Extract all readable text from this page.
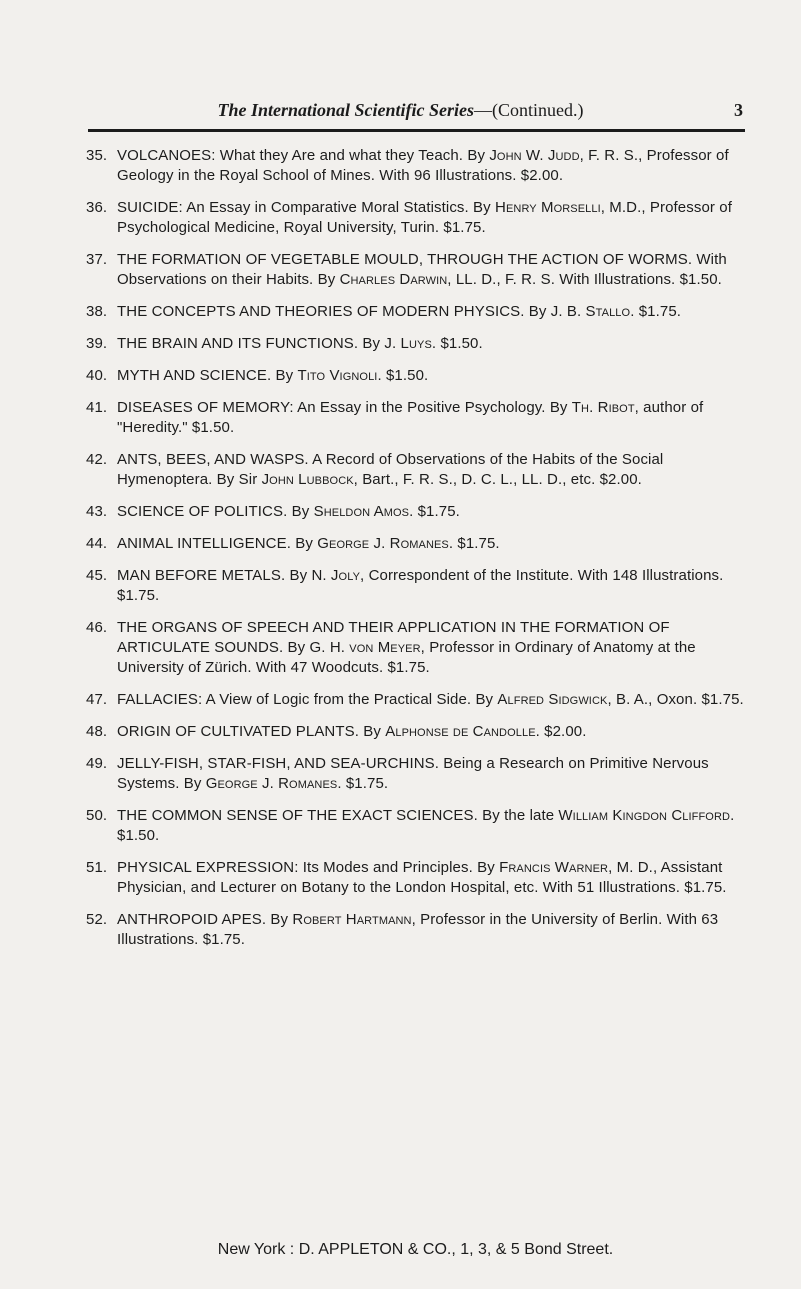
The International Scientific Series—(Continued.)	3
35. VOLCANOES: What they Are and what they Teach. By John W. Judd, F. R. S., Professor of Geology in the Royal School of Mines. With 96 Illustrations. $2.00.
36. SUICIDE: An Essay in Comparative Moral Statistics. By Henry Morselli, M.D., Professor of Psychological Medicine, Royal University, Turin. $1.75.
37. THE FORMATION OF VEGETABLE MOULD, THROUGH THE ACTION OF WORMS. With Observations on their Habits. By Charles Darwin, LL. D., F. R. S. With Illustrations. $1.50.
38. THE CONCEPTS AND THEORIES OF MODERN PHYSICS. By J. B. Stallo. $1.75.
39. THE BRAIN AND ITS FUNCTIONS. By J. Luys. $1.50.
40. MYTH AND SCIENCE. By Tito Vignoli. $1.50.
41. DISEASES OF MEMORY: An Essay in the Positive Psychology. By Th. Ribot, author of "Heredity." $1.50.
42. ANTS, BEES, AND WASPS. A Record of Observations of the Habits of the Social Hymenoptera. By Sir John Lubbock, Bart., F. R. S., D. C. L., LL. D., etc. $2.00.
43. SCIENCE OF POLITICS. By Sheldon Amos. $1.75.
44. ANIMAL INTELLIGENCE. By George J. Romanes. $1.75.
45. MAN BEFORE METALS. By N. Joly, Correspondent of the Institute. With 148 Illustrations. $1.75.
46. THE ORGANS OF SPEECH AND THEIR APPLICATION IN THE FORMATION OF ARTICULATE SOUNDS. By G. H. von Meyer, Professor in Ordinary of Anatomy at the University of Zürich. With 47 Woodcuts. $1.75.
47. FALLACIES: A View of Logic from the Practical Side. By Alfred Sidgwick, B. A., Oxon. $1.75.
48. ORIGIN OF CULTIVATED PLANTS. By Alphonse de Candolle. $2.00.
49. JELLY-FISH, STAR-FISH, AND SEA-URCHINS. Being a Research on Primitive Nervous Systems. By George J. Romanes. $1.75.
50. THE COMMON SENSE OF THE EXACT SCIENCES. By the late William Kingdon Clifford. $1.50.
51. PHYSICAL EXPRESSION: Its Modes and Principles. By Francis Warner, M. D., Assistant Physician, and Lecturer on Botany to the London Hospital, etc. With 51 Illustrations. $1.75.
52. ANTHROPOID APES. By Robert Hartmann, Professor in the University of Berlin. With 63 Illustrations. $1.75.
New York : D. APPLETON & CO., 1, 3, & 5 Bond Street.
